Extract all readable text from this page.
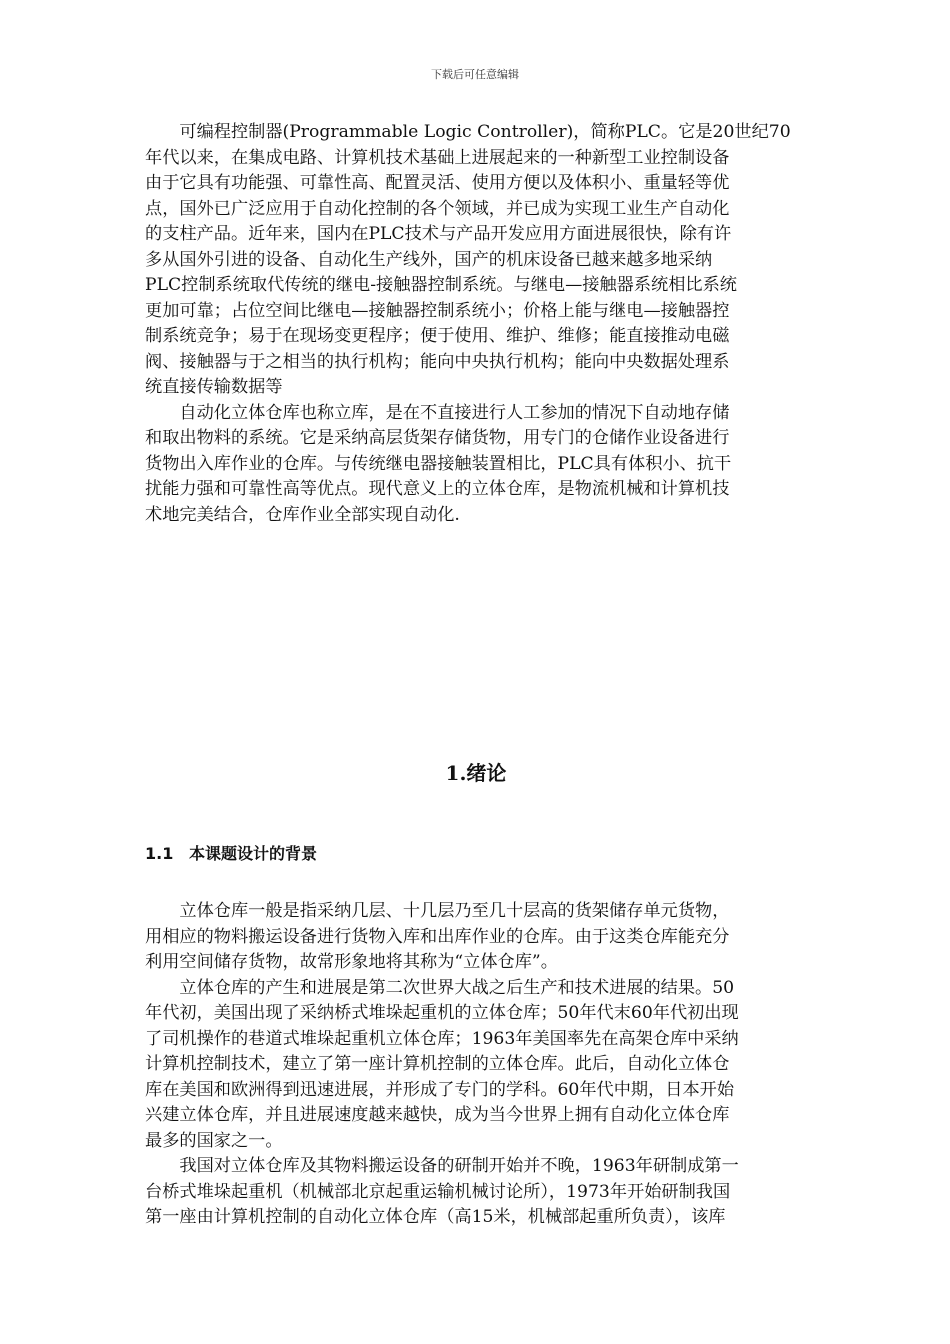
下载后可任意编辑

可编程控制器(Programmable Logic Controller)，简称PLC。它是20世纪70
年代以来，在集成电路、计算机技术基础上进展起来的一种新型工业控制设备
由于它具有功能强、可靠性高、配置灵活、使用方便以及体积小、重量轻等优
点，国外已广泛应用于自动化控制的各个领域，并已成为实现工业生产自动化
的支柱产品。近年来，国内在PLC技术与产品开发应用方面进展很快，除有许
多从国外引进的设备、自动化生产线外，国产的机床设备已越来越多地采纳
PLC控制系统取代传统的继电-接触器控制系统。与继电—接触器系统相比系统
更加可靠；占位空间比继电—接触器控制系统小；价格上能与继电—接触器控
制系统竞争；易于在现场变更程序；便于使用、维护、维修；能直接推动电磁
阀、接触器与于之相当的执行机构；能向中央执行机构；能向中央数据处理系
统直接传输数据等

自动化立体仓库也称立库，是在不直接进行人工参加的情况下自动地存储
和取出物料的系统。它是采纳高层货架存储货物，用专门的仓储作业设备进行
货物出入库作业的仓库。与传统继电器接触装置相比，PLC具有体积小、抗干
扰能力强和可靠性高等优点。现代意义上的立体仓库，是物流机械和计算机技
术地完美结合，仓库作业全部实现自动化.

1.绪论
1.1 本课题设计的背景

立体仓库一般是指采纳几层、十几层乃至几十层高的货架储存单元货物，
用相应的物料搬运设备进行货物入库和出库作业的仓库。由于这类仓库能充分
利用空间储存货物，故常形象地将其称为“立体仓库”。

立体仓库的产生和进展是第二次世界大战之后生产和技术进展的结果。50
年代初，美国出现了采纳桥式堆垛起重机的立体仓库；50年代末60年代初出现
了司机操作的巷道式堆垛起重机立体仓库；1963年美国率先在高架仓库中采纳
计算机控制技术，建立了第一座计算机控制的立体仓库。此后，自动化立体仓
库在美国和欧洲得到迅速进展，并形成了专门的学科。60年代中期，日本开始
兴建立体仓库，并且进展速度越来越快，成为当今世界上拥有自动化立体仓库
最多的国家之一。

我国对立体仓库及其物料搬运设备的研制开始并不晚，1963年研制成第一
台桥式堆垛起重机（机械部北京起重运输机械讨论所），1973年开始研制我国
第一座由计算机控制的自动化立体仓库（高15米，机械部起重所负责），该库
